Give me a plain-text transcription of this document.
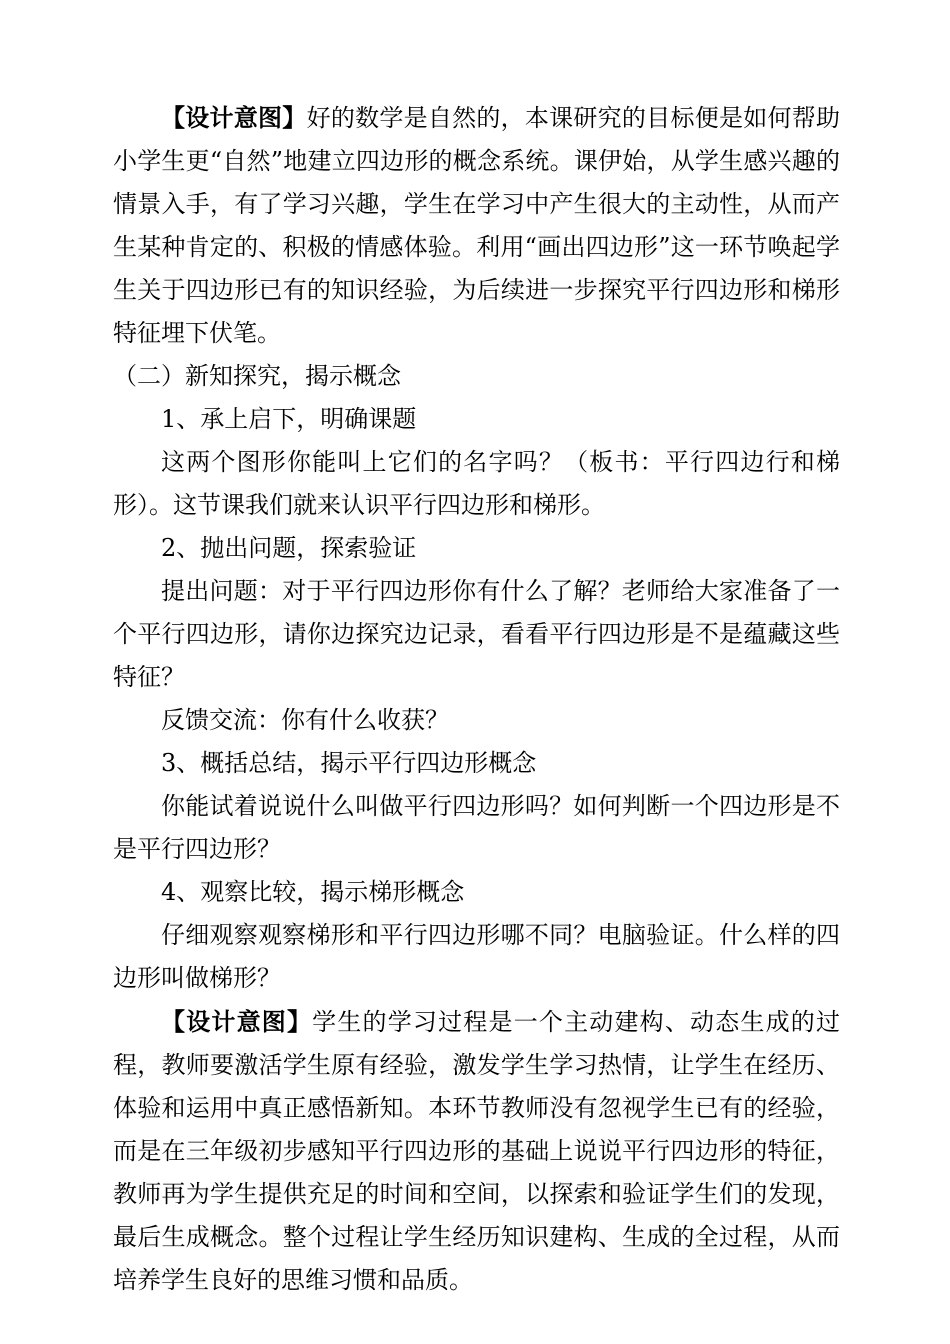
【设计意图】好的数学是自然的，本课研究的目标便是如何帮助小学生更“自然”地建立四边形的概念系统。课伊始，从学生感兴趣的情景入手，有了学习兴趣，学生在学习中产生很大的主动性，从而产生某种肯定的、积极的情感体验。利用“画出四边形”这一环节唤起学生关于四边形已有的知识经验，为后续进一步探究平行四边形和梯形特征埋下伏笔。

（二）新知探究，揭示概念

1、承上启下，明确课题

这两个图形你能叫上它们的名字吗？（板书：平行四边行和梯形）。这节课我们就来认识平行四边形和梯形。

2、抛出问题，探索验证

提出问题：对于平行四边形你有什么了解？老师给大家准备了一个平行四边形，请你边探究边记录，看看平行四边形是不是蕴藏这些特征？

反馈交流：你有什么收获？

3、概括总结，揭示平行四边形概念

你能试着说说什么叫做平行四边形吗？如何判断一个四边形是不是平行四边形？

4、观察比较，揭示梯形概念

仔细观察观察梯形和平行四边形哪不同？电脑验证。什么样的四边形叫做梯形？

【设计意图】学生的学习过程是一个主动建构、动态生成的过程，教师要激活学生原有经验，激发学生学习热情，让学生在经历、体验和运用中真正感悟新知。本环节教师没有忽视学生已有的经验，而是在三年级初步感知平行四边形的基础上说说平行四边形的特征，教师再为学生提供充足的时间和空间，以探索和验证学生们的发现，最后生成概念。整个过程让学生经历知识建构、生成的全过程，从而培养学生良好的思维习惯和品质。
